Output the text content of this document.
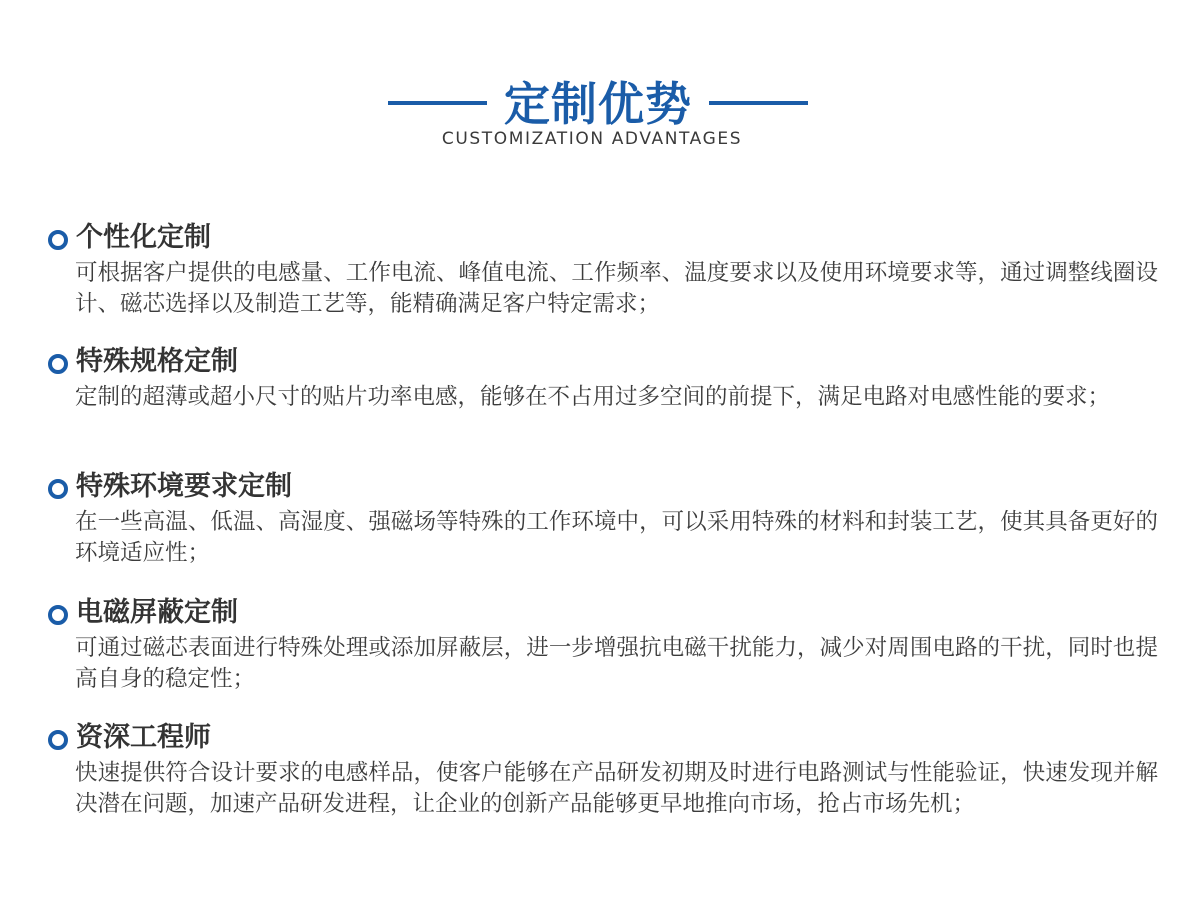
定制优势
CUSTOMIZATION ADVANTAGES
个性化定制

可根据客户提供的电感量、工作电流、峰值电流、工作频率、温度要求以及使用环境要求等，通过调整线圈设计、磁芯选择以及制造工艺等，能精确满足客户特定需求；

特殊规格定制

定制的超薄或超小尺寸的贴片功率电感，能够在不占用过多空间的前提下，满足电路对电感性能的要求；

特殊环境要求定制

在一些高温、低温、高湿度、强磁场等特殊的工作环境中，可以采用特殊的材料和封装工艺，使其具备更好的环境适应性；

电磁屏蔽定制

可通过磁芯表面进行特殊处理或添加屏蔽层，进一步增强抗电磁干扰能力，减少对周围电路的干扰，同时也提高自身的稳定性；

资深工程师

快速提供符合设计要求的电感样品，使客户能够在产品研发初期及时进行电路测试与性能验证，快速发现并解决潜在问题，加速产品研发进程，让企业的创新产品能够更早地推向市场，抢占市场先机；
